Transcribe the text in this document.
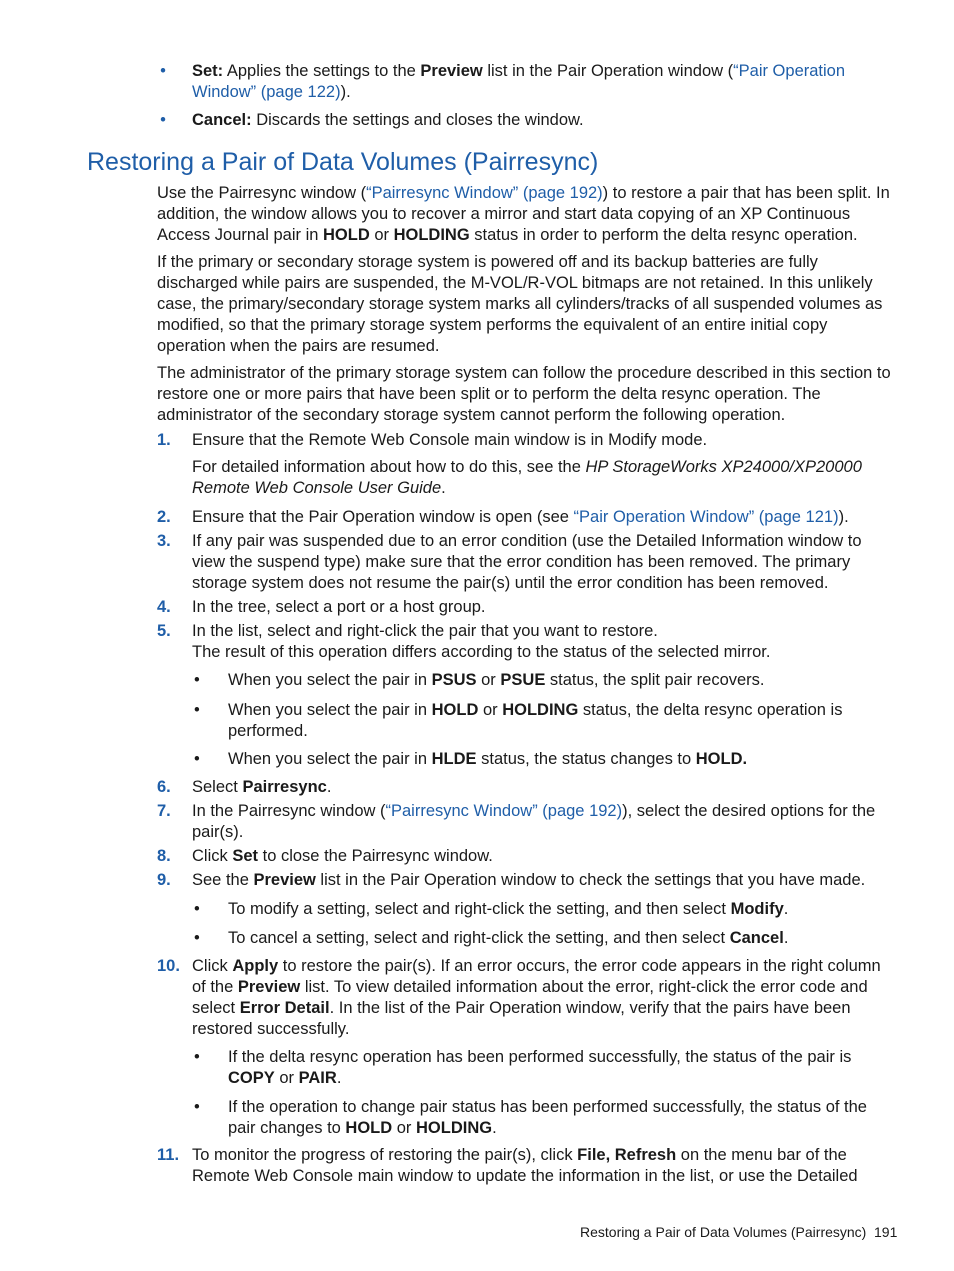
• Set: Applies the settings to the Preview list in the Pair Operation window (“Pair Operation Window” (page 122)).
• Cancel: Discards the settings and closes the window.
Restoring a Pair of Data Volumes (Pairresync)

Use the Pairresync window (“Pairresync Window” (page 192)) to restore a pair that has been split. In addition, the window allows you to recover a mirror and start data copying of an XP Continuous Access Journal pair in HOLD or HOLDING status in order to perform the delta resync operation.

If the primary or secondary storage system is powered off and its backup batteries are fully discharged while pairs are suspended, the M-VOL/R-VOL bitmaps are not retained. In this unlikely case, the primary/secondary storage system marks all cylinders/tracks of all suspended volumes as modified, so that the primary storage system performs the equivalent of an entire initial copy operation when the pairs are resumed.

The administrator of the primary storage system can follow the procedure described in this section to restore one or more pairs that have been split or to perform the delta resync operation. The administrator of the secondary storage system cannot perform the following operation.

1. Ensure that the Remote Web Console main window is in Modify mode.
For detailed information about how to do this, see the HP StorageWorks XP24000/XP20000 Remote Web Console User Guide.
2. Ensure that the Pair Operation window is open (see “Pair Operation Window” (page 121)).
3. If any pair was suspended due to an error condition (use the Detailed Information window to view the suspend type) make sure that the error condition has been removed. The primary storage system does not resume the pair(s) until the error condition has been removed.
4. In the tree, select a port or a host group.
5. In the list, select and right-click the pair that you want to restore.
The result of this operation differs according to the status of the selected mirror.
• When you select the pair in PSUS or PSUE status, the split pair recovers.
• When you select the pair in HOLD or HOLDING status, the delta resync operation is performed.
• When you select the pair in HLDE status, the status changes to HOLD.
6. Select Pairresync.
7. In the Pairresync window (“Pairresync Window” (page 192)), select the desired options for the pair(s).
8. Click Set to close the Pairresync window.
9. See the Preview list in the Pair Operation window to check the settings that you have made.
• To modify a setting, select and right-click the setting, and then select Modify.
• To cancel a setting, select and right-click the setting, and then select Cancel.
10. Click Apply to restore the pair(s). If an error occurs, the error code appears in the right column of the Preview list. To view detailed information about the error, right-click the error code and select Error Detail. In the list of the Pair Operation window, verify that the pairs have been restored successfully.
• If the delta resync operation has been performed successfully, the status of the pair is COPY or PAIR.
• If the operation to change pair status has been performed successfully, the status of the pair changes to HOLD or HOLDING.
11. To monitor the progress of restoring the pair(s), click File, Refresh on the menu bar of the Remote Web Console main window to update the information in the list, or use the Detailed
Restoring a Pair of Data Volumes (Pairresync) 191
